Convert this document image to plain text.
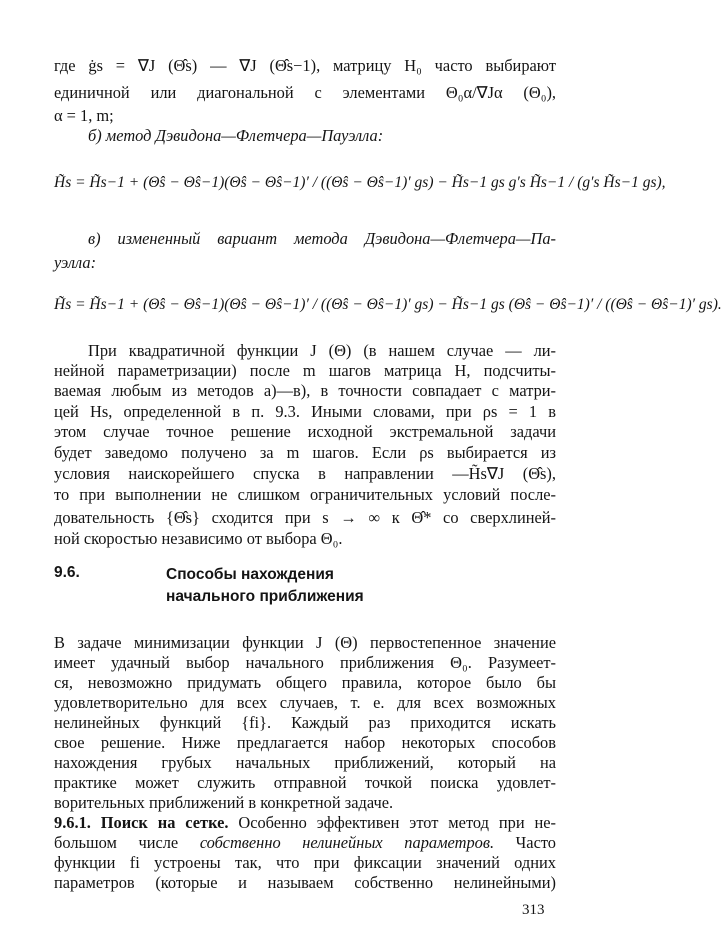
где ġs = ∇J (Θ̂s) — ∇J (Θ̂s−1), матрицу H₀ часто выбирают
единичной или диагональной с элементами Θ₀α/∇Jα (Θ₀),
α = 1, m;
б) метод Дэвидона—Флетчера—Пауэлла:
H̃s = H̃s−1 + (Θ̂s − Θ̂s−1)(Θ̂s − Θ̂s−1)′ / ((Θ̂s − Θ̂s−1)′ gs) − H̃s−1 gs g′s H̃s−1 / (g′s H̃s−1 gs),
в) измененный вариант метода Дэвидона—Флетчера—Па-
уэлла:
H̃s = H̃s−1 + (Θ̂s − Θ̂s−1)(Θ̂s − Θ̂s−1)′ / ((Θ̂s − Θ̂s−1)′ gs) − H̃s−1 gs (Θ̂s − Θ̂s−1)′ / ((Θ̂s − Θ̂s−1)′ gs).
При квадратичной функции J (Θ) (в нашем случае — ли-
нейной параметризации) после m шагов матрица H, подсчиты-
ваемая любым из методов а)—в), в точности совпадает с матри-
цей Hs, определенной в п. 9.3. Иными словами, при ρs = 1 в
этом случае точное решение исходной экстремальной задачи
будет заведомо получено за m шагов. Если ρs выбирается из
условия наискорейшего спуска в направлении —H̃s∇J (Θ̂s),
то при выполнении не слишком ограничительных условий после-
довательность {Θ̂s} сходится при s → ∞ к Θ̂* со сверхлиней-
ной скоростью независимо от выбора Θ₀.
9.6.	Способы нахождения
начального приближения
В задаче минимизации функции J (Θ) первостепенное значение
имеет удачный выбор начального приближения Θ₀. Разумеет-
ся, невозможно придумать общего правила, которое было бы
удовлетворительно для всех случаев, т. е. для всех возможных
нелинейных функций {fi}. Каждый раз приходится искать
свое решение. Ниже предлагается набор некоторых способов
нахождения грубых начальных приближений, который на
практике может служить отправной точкой поиска удовлет-
ворительных приближений в конкретной задаче.
9.6.1. Поиск на сетке. Особенно эффективен этот метод при не-
большом числе собственно нелинейных параметров. Часто
функции fi устроены так, что при фиксации значений одних
параметров (которые и называем собственно нелинейными)
313
